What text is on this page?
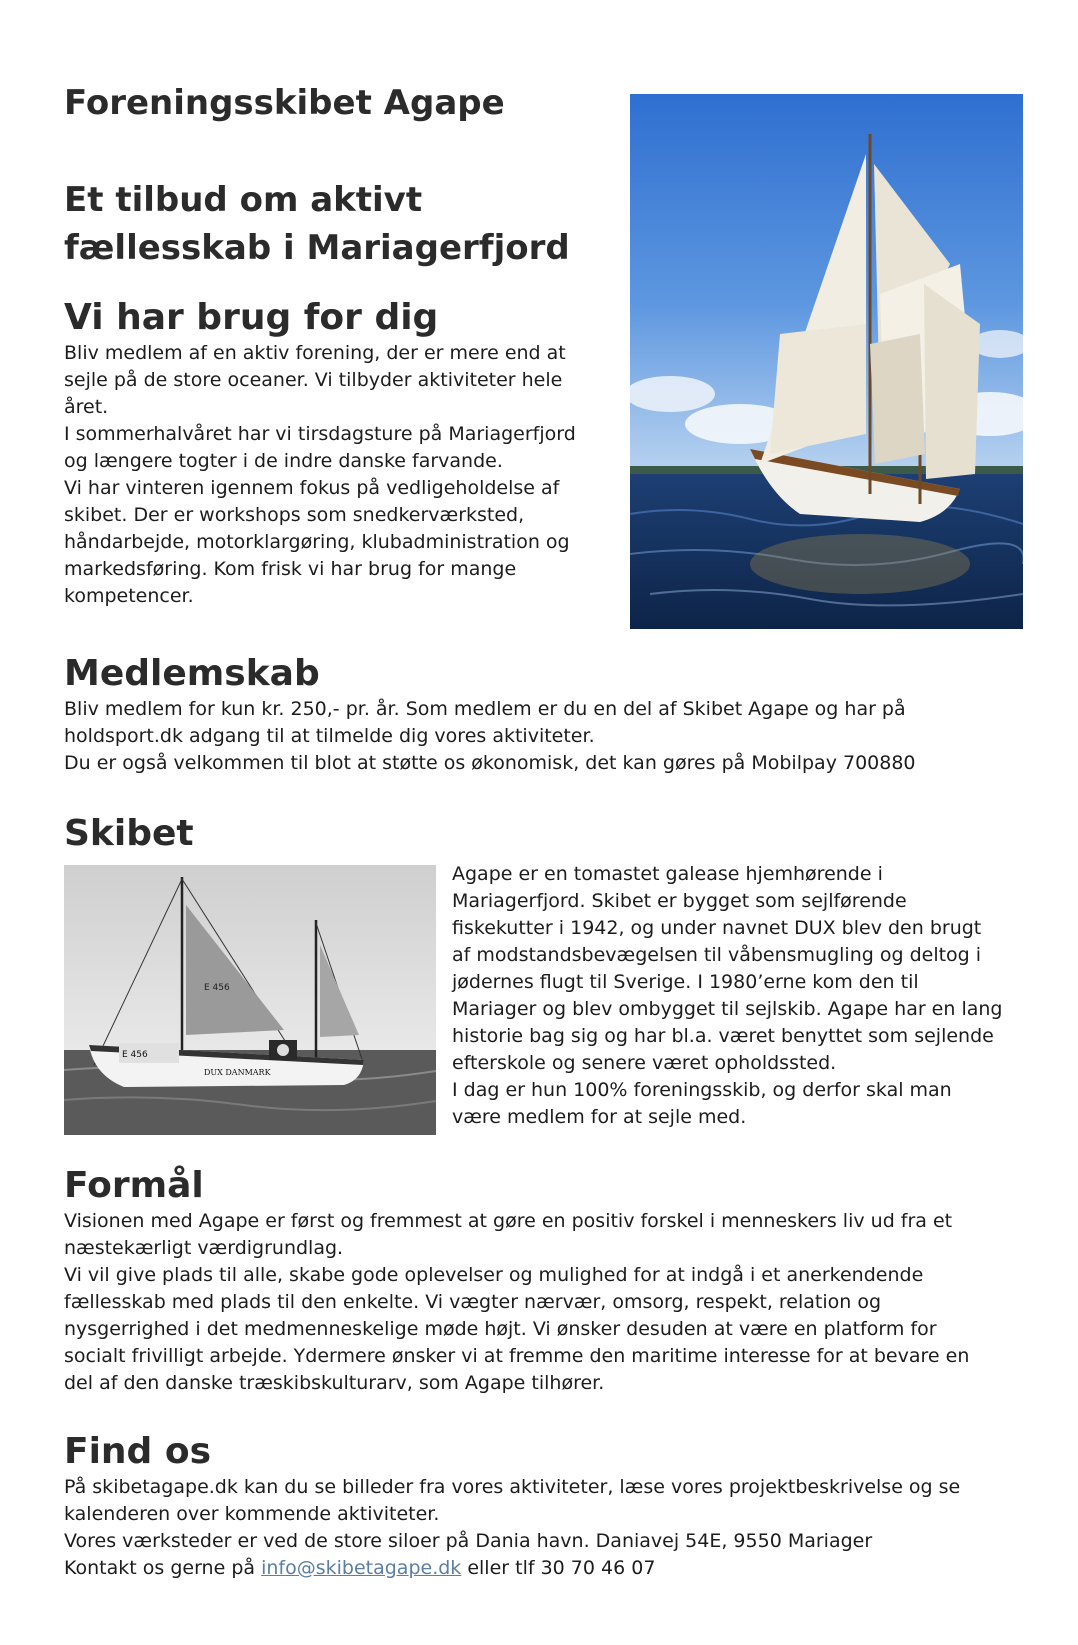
Foreningsskibet Agape
Et tilbud om aktivt fællesskab i Mariagerfjord
Vi har brug for dig

Bliv medlem af en aktiv forening, der er mere end at

sejle på de store oceaner. Vi tilbyder aktiviteter hele

året.

I sommerhalvåret har vi tirsdagsture på Mariagerfjord

og længere togter i de indre danske farvande.

Vi har vinteren igennem fokus på vedligeholdelse af

skibet. Der er workshops som snedkerværksted,

håndarbejde, motorklargøring, klubadministration og

markedsføring. Kom frisk vi har brug for mange

kompetencer.

Medlemskab

Bliv medlem for kun kr. 250,- pr. år. Som medlem er du en del af Skibet Agape og har på

holdsport.dk adgang til at tilmelde dig vores aktiviteter.

Du er også velkommen til blot at støtte os økonomisk, det kan gøres på Mobilpay 700880

Skibet
E 456
E 456
DUX DANMARK

Agape er en tomastet galease hjemhørende i

Mariagerfjord. Skibet er bygget som sejlførende

fiskekutter i 1942, og under navnet DUX blev den brugt

af modstandsbevægelsen til våbensmugling og deltog i

jødernes flugt til Sverige. I 1980’erne kom den til

Mariager og blev ombygget til sejlskib. Agape har en lang

historie bag sig og har bl.a. været benyttet som sejlende

efterskole og senere været opholdssted.

I dag er hun 100% foreningsskib, og derfor skal man

være medlem for at sejle med.

Formål

Visionen med Agape er først og fremmest at gøre en positiv forskel i menneskers liv ud fra et

næstekærligt værdigrundlag.

Vi vil give plads til alle, skabe gode oplevelser og mulighed for at indgå i et anerkendende

fællesskab med plads til den enkelte. Vi vægter nærvær, omsorg, respekt, relation og

nysgerrighed i det medmenneskelige møde højt. Vi ønsker desuden at være en platform for

socialt frivilligt arbejde. Ydermere ønsker vi at fremme den maritime interesse for at bevare en

del af den danske træskibskulturarv, som Agape tilhører.

Find os

På skibetagape.dk kan du se billeder fra vores aktiviteter, læse vores projektbeskrivelse og se

kalenderen over kommende aktiviteter.

Vores værksteder er ved de store siloer på Dania havn. Daniavej 54E, 9550 Mariager

Kontakt os gerne på info@skibetagape.dk eller tlf 30 70 46 07
